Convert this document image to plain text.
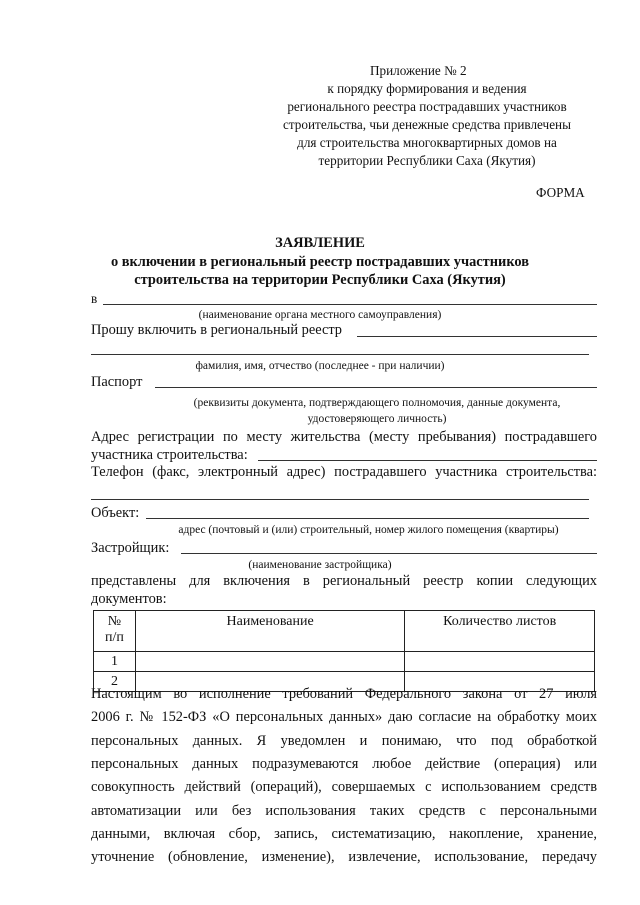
Приложение № 2
к порядку формирования и ведения
регионального реестра пострадавших участников
строительства, чьи денежные средства привлечены
для строительства многоквартирных домов на
территории Республики Саха (Якутия)
ФОРМА
ЗАЯВЛЕНИЕ
о включении в региональный реестр пострадавших участников
строительства на территории Республики Саха (Якутия)
в
(наименование органа местного самоуправления)
Прошу включить в региональный реестр
фамилия, имя, отчество (последнее - при наличии)
Паспорт
(реквизиты документа, подтверждающего полномочия, данные документа,
удостоверяющего личность)
Адрес регистрации по месту жительства (месту пребывания) пострадавшего
участника строительства:
Телефон (факс, электронный адрес) пострадавшего участника строительства:
Объект:
адрес (почтовый и (или) строительный, номер жилого помещения (квартиры)
Застройщик:
(наименование застройщика)
представлены для включения в региональный реестр копии следующих
документов:
№
п/п	Наименование	Количество листов
1		
2		
Настоящим во исполнение требований Федерального закона от 27 июля
2006 г. № 152-ФЗ «О персональных данных» даю согласие на обработку моих
персональных данных. Я уведомлен и понимаю, что под обработкой
персональных данных подразумеваются любое действие (операция) или
совокупность действий (операций), совершаемых с использованием средств
автоматизации или без использования таких средств с персональными
данными, включая сбор, запись, систематизацию, накопление, хранение,
уточнение (обновление, изменение), извлечение, использование, передачу
